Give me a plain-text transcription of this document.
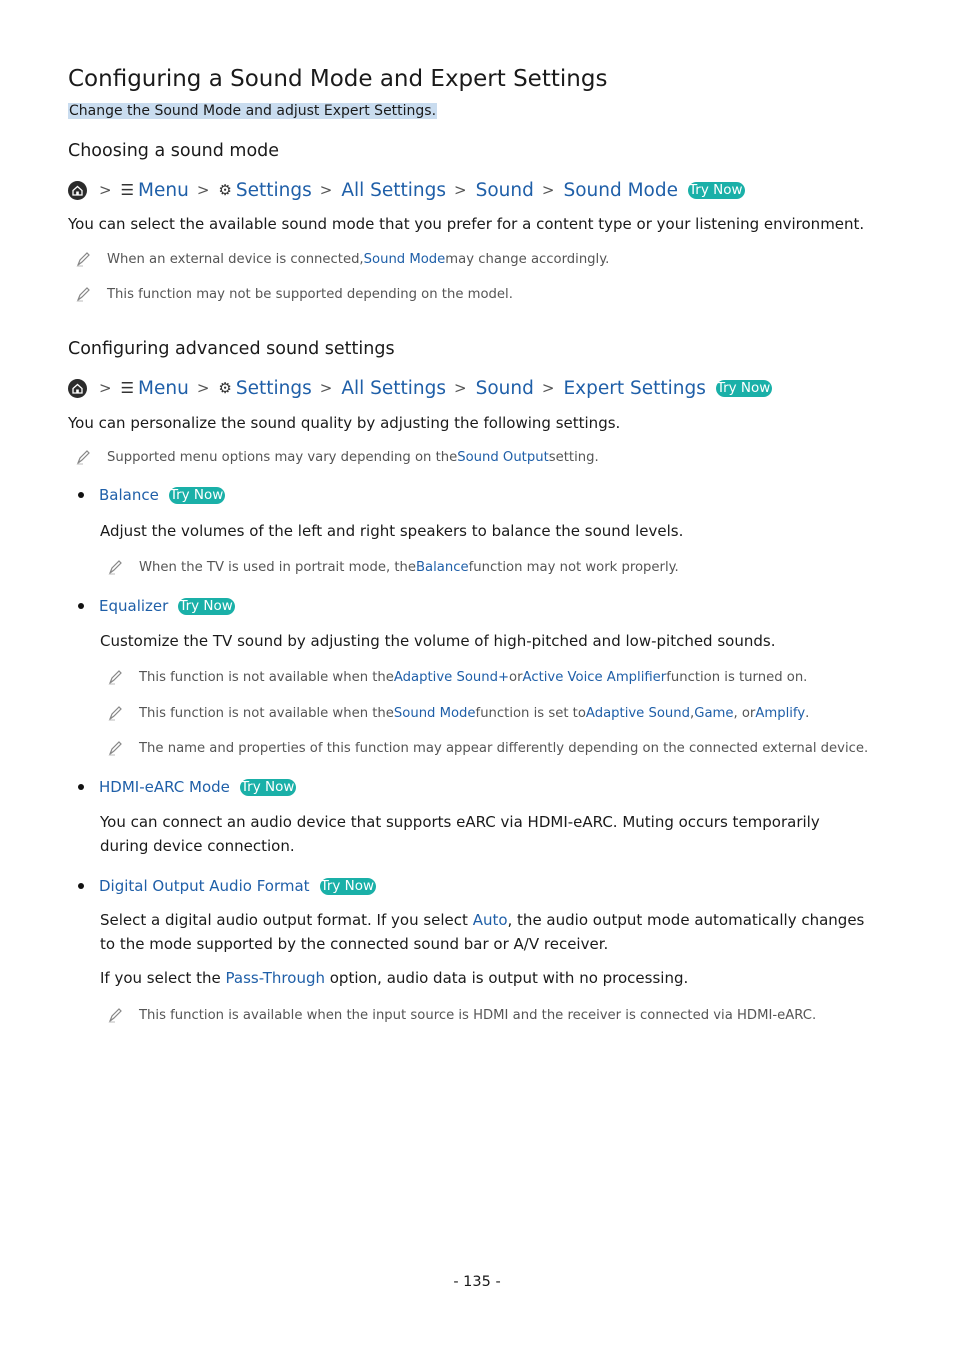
Configuring a Sound Mode and Expert Settings
Change the Sound Mode and adjust Expert Settings.
Choosing a sound mode
> ☰ Menu > ⚙ Settings > All Settings > Sound > Sound Mode Try Now
You can select the available sound mode that you prefer for a content type or your listening environment.
When an external device is connected, Sound Mode may change accordingly.
This function may not be supported depending on the model.
Configuring advanced sound settings
> ☰ Menu > ⚙ Settings > All Settings > Sound > Expert Settings Try Now
You can personalize the sound quality by adjusting the following settings.
Supported menu options may vary depending on the Sound Output setting.
Balance Try Now
Adjust the volumes of the left and right speakers to balance the sound levels.
When the TV is used in portrait mode, the Balance function may not work properly.
Equalizer Try Now
Customize the TV sound by adjusting the volume of high-pitched and low-pitched sounds.
This function is not available when the Adaptive Sound+ or Active Voice Amplifier function is turned on.
This function is not available when the Sound Mode function is set to Adaptive Sound , Game , or Amplify .
The name and properties of this function may appear differently depending on the connected external device.
HDMI-eARC Mode Try Now
You can connect an audio device that supports eARC via HDMI-eARC. Muting occurs temporarily during device connection.
Digital Output Audio Format Try Now
Select a digital audio output format. If you select Auto, the audio output mode automatically changes to the mode supported by the connected sound bar or A/V receiver.
If you select the Pass-Through option, audio data is output with no processing.
This function is available when the input source is HDMI and the receiver is connected via HDMI-eARC.
- 135 -
